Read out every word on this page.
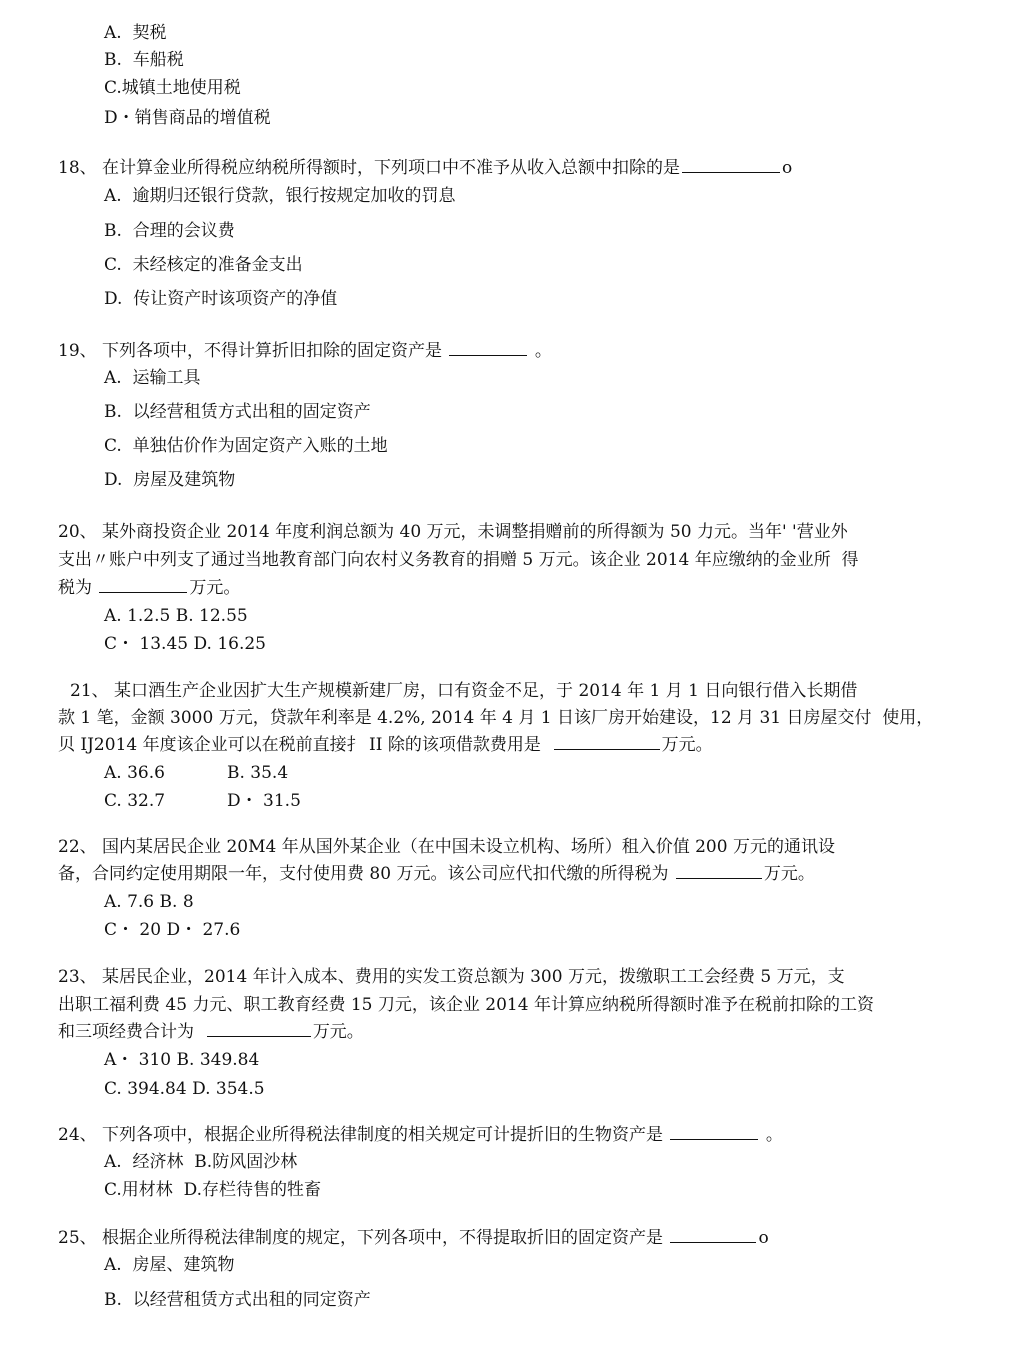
A.  契税
B.  车船税
C.城镇土地使用税
D・销售商品的增值税
18、 在计算金业所得税应纳税所得额时，下列项口中不准予从收入总额中扣除的是	o
A.  逾期归还银行贷款，银行按规定加收的罚息
B.  合理的会议费
C.  未经核定的准备金支出
D.  传让资产时该项资产的净值
19、 下列各项中，不得计算折旧扣除的固定资产是	。
A.  运输工具
B.  以经营租赁方式出租的固定资产
C.  单独估价作为固定资产入账的土地
D.  房屋及建筑物
20、 某外商投资企业 2014 年度利润总额为 40 万元，未调整捐赠前的所得额为 50 力元。当年' '营业外
支出〃账户中列支了通过当地教育部门向农村义务教育的捐赠 5 万元。该企业 2014 年应缴纳的金业所  得
税为	万元。
A. 1.2.5 B. 12.55
C・ 13.45 D. 16.25
21、 某口酒生产企业因扩大生产规模新建厂房，口有资金不足，于 2014 年 1 月 1 日向银行借入长期借
款 1 笔，金额 3000 万元，贷款年利率是 4.2%, 2014 年 4 月 1 日该厂房开始建设，12 月 31 日房屋交付  使用，
贝 IJ2014 年度该企业可以在税前直接扌 II 除的该项借款费用是	万元。
A. 36.6	B. 35.4
C. 32.7	D・ 31.5
22、 国内某居民企业 20M4 年从国外某企业（在中国未设立机构、场所）租入价值 200 万元的通讯设
备，合同约定使用期限一年，支付使用费 80 万元。该公司应代扣代缴的所得税为	万元。
A. 7.6 B. 8
C・ 20 D・ 27.6
23、 某居民企业，2014 年计入成本、费用的实发工资总额为 300 万元，拨缴职工工会经费 5 万元，支
出职工福利费 45 力元、职工教育经费 15 刀元，该企业 2014 年计算应纳税所得额时准予在税前扣除的工资
和三项经费合计为	万元。
A・ 310 B. 349.84
C. 394.84 D. 354.5
24、 下列各项中，根据企业所得税法律制度的相关规定可计提折旧的生物资产是	。
A.  经济林  B.防风固沙林
C.用材林  D.存栏待售的牲畜
25、 根据企业所得税法律制度的规定，下列各项中，不得提取折旧的固定资产是	o
A.  房屋、建筑物
B.  以经营租赁方式出租的同定资产
